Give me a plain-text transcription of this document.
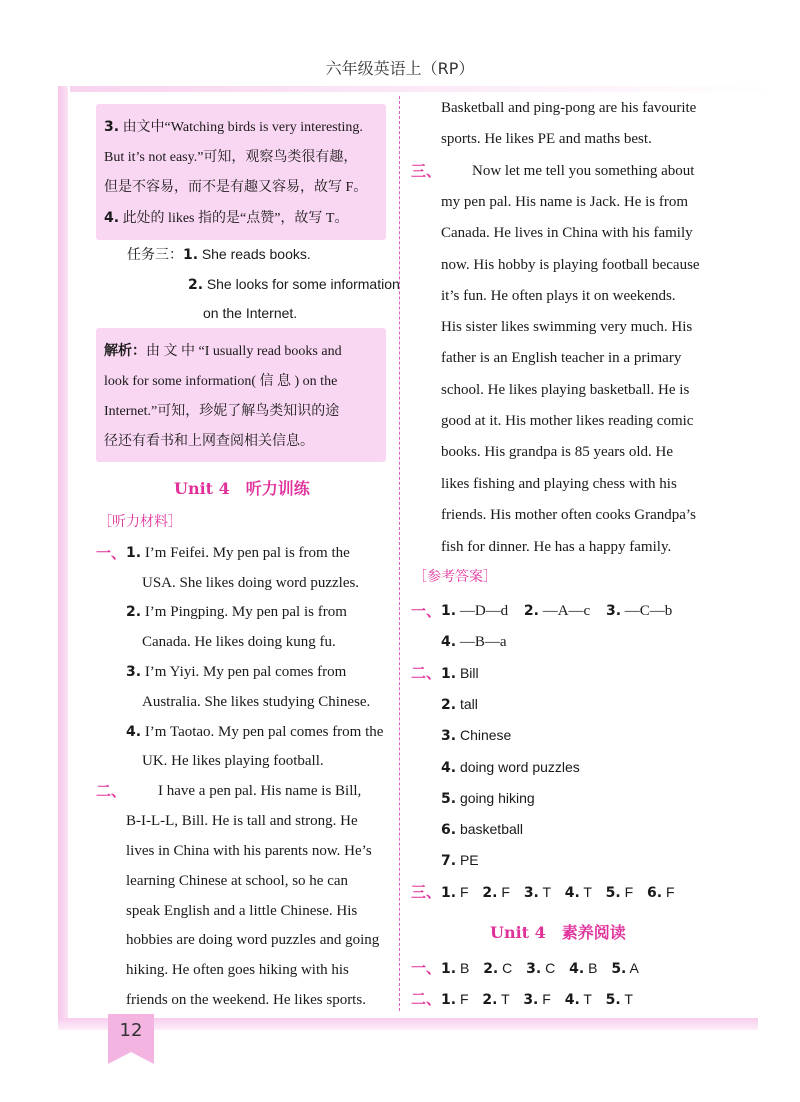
六年级英语上（RP）
12
3. 由文中“Watching birds is very interesting.
But it’s not easy.”可知，观察鸟类很有趣，
但是不容易，而不是有趣又容易，故写 F。
4. 此处的 likes 指的是“点赞”，故写 T。
任务三：1. She reads books.
2. She looks for some information
on the Internet.
解析：由 文 中 “I usually read books and
look for some information( 信 息 ) on the
Internet.”可知，珍妮了解鸟类知识的途
径还有看书和上网查阅相关信息。
Unit 4　听力训练
［听力材料］
一、 1. I’m Feifei. My pen pal is from the
USA. She likes doing word puzzles.
2. I’m Pingping. My pen pal is from
Canada. He likes doing kung fu.
3. I’m Yiyi. My pen pal comes from
Australia. She likes studying Chinese.
4. I’m Taotao. My pen pal comes from the
UK. He likes playing football.
二、 I have a pen pal. His name is Bill,
B-I-L-L, Bill. He is tall and strong. He
lives in China with his parents now. He’s
learning Chinese at school, so he can
speak English and a little Chinese. His
hobbies are doing word puzzles and going
hiking. He often goes hiking with his
friends on the weekend. He likes sports.
Basketball and ping-pong are his favourite
sports. He likes PE and maths best.
三、 Now let me tell you something about
my pen pal. His name is Jack. He is from
Canada. He lives in China with his family
now. His hobby is playing football because
it’s fun. He often plays it on weekends.
His sister likes swimming very much. His
father is an English teacher in a primary
school. He likes playing basketball. He is
good at it. His mother likes reading comic
books. His grandpa is 85 years old. He
likes fishing and playing chess with his
friends. His mother often cooks Grandpa’s
fish for dinner. He has a happy family.
［参考答案］
一、 1. —D—d 2. —A—c 3. —C—b
4. —B—a
二、 1. Bill
2. tall
3. Chinese
4. doing word puzzles
5. going hiking
6. basketball
7. PE
三、 1. F 2. F 3. T 4. T 5. F 6. F
Unit 4　素养阅读
一、 1. B 2. C 3. C 4. B 5. A
二、 1. F 2. T 3. F 4. T 5. T
